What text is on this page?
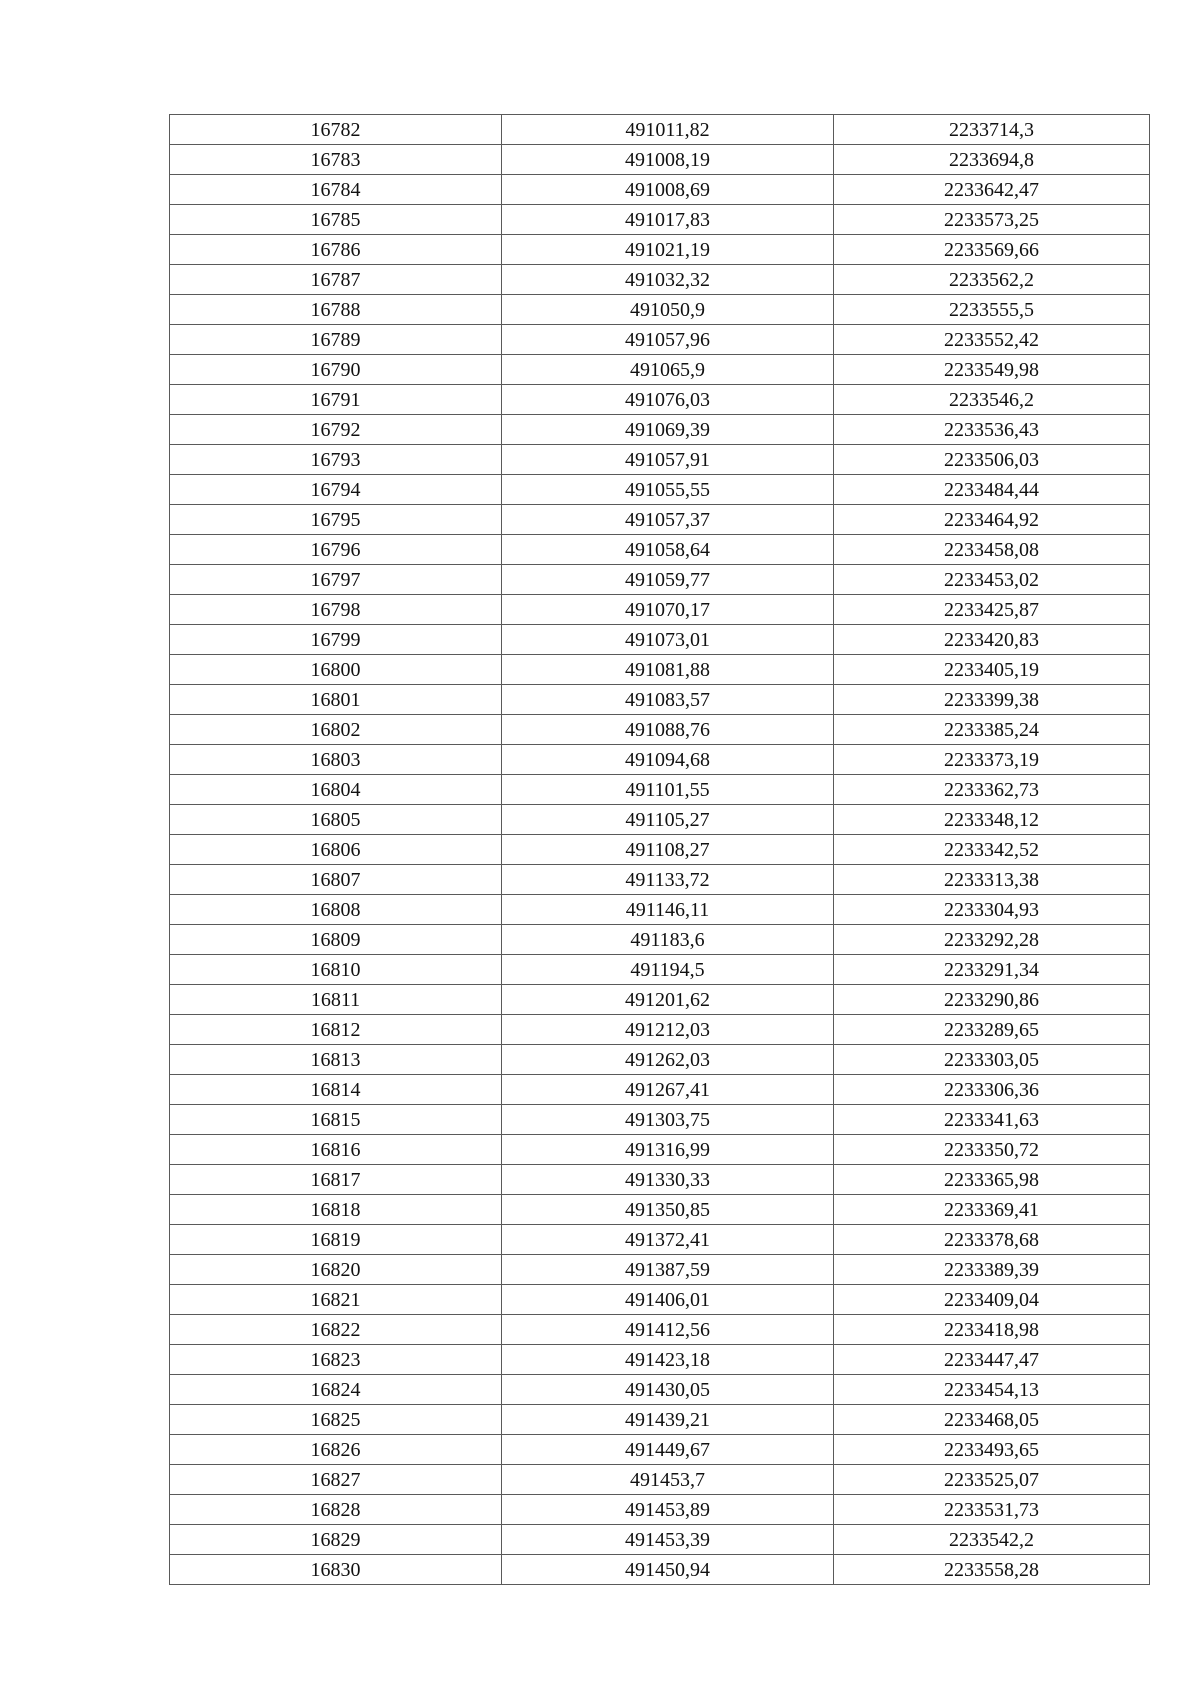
16782	491011,82	2233714,3
16783	491008,19	2233694,8
16784	491008,69	2233642,47
16785	491017,83	2233573,25
16786	491021,19	2233569,66
16787	491032,32	2233562,2
16788	491050,9	2233555,5
16789	491057,96	2233552,42
16790	491065,9	2233549,98
16791	491076,03	2233546,2
16792	491069,39	2233536,43
16793	491057,91	2233506,03
16794	491055,55	2233484,44
16795	491057,37	2233464,92
16796	491058,64	2233458,08
16797	491059,77	2233453,02
16798	491070,17	2233425,87
16799	491073,01	2233420,83
16800	491081,88	2233405,19
16801	491083,57	2233399,38
16802	491088,76	2233385,24
16803	491094,68	2233373,19
16804	491101,55	2233362,73
16805	491105,27	2233348,12
16806	491108,27	2233342,52
16807	491133,72	2233313,38
16808	491146,11	2233304,93
16809	491183,6	2233292,28
16810	491194,5	2233291,34
16811	491201,62	2233290,86
16812	491212,03	2233289,65
16813	491262,03	2233303,05
16814	491267,41	2233306,36
16815	491303,75	2233341,63
16816	491316,99	2233350,72
16817	491330,33	2233365,98
16818	491350,85	2233369,41
16819	491372,41	2233378,68
16820	491387,59	2233389,39
16821	491406,01	2233409,04
16822	491412,56	2233418,98
16823	491423,18	2233447,47
16824	491430,05	2233454,13
16825	491439,21	2233468,05
16826	491449,67	2233493,65
16827	491453,7	2233525,07
16828	491453,89	2233531,73
16829	491453,39	2233542,2
16830	491450,94	2233558,28
